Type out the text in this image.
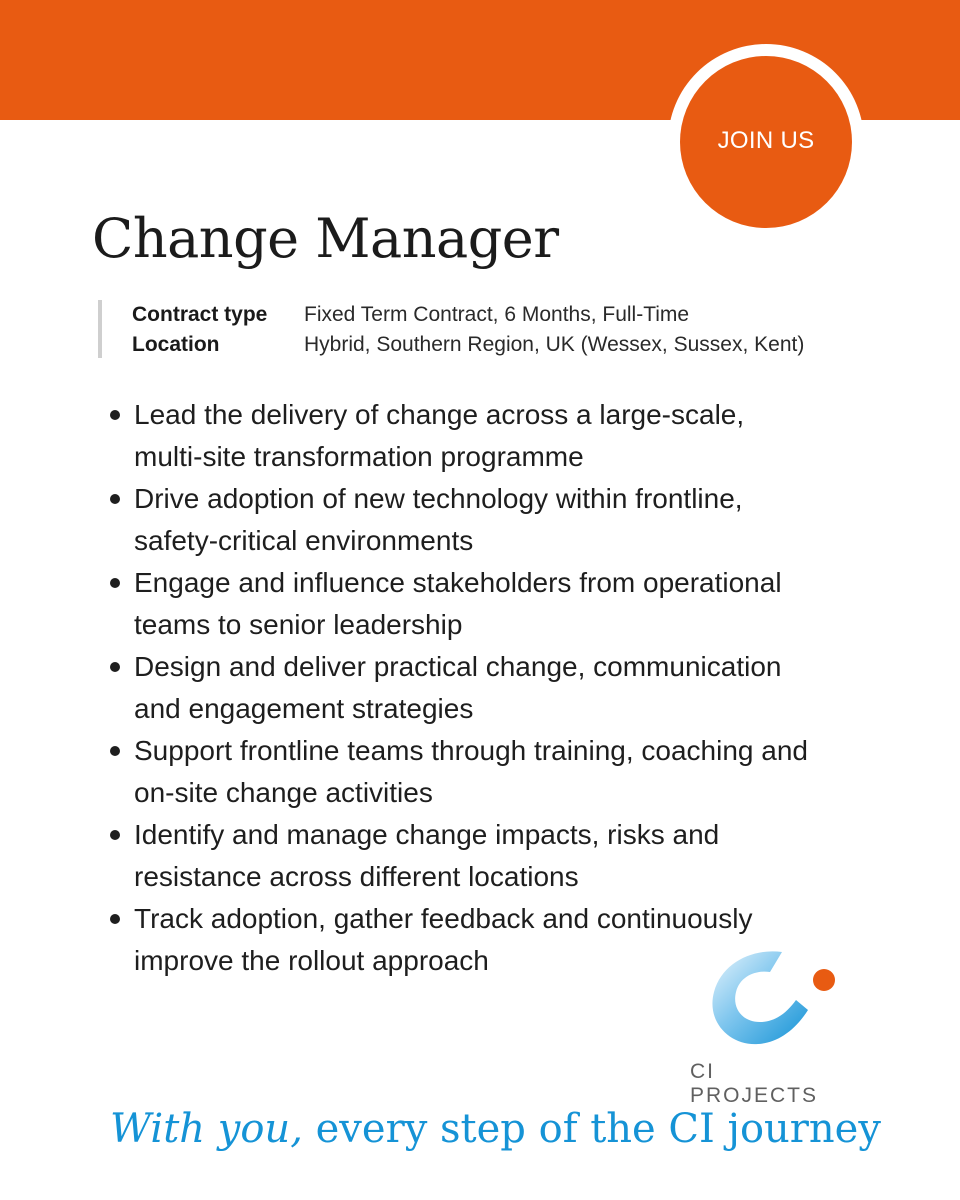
JOIN US
Change Manager
Contract type	Fixed Term Contract, 6 Months, Full-Time
Location	Hybrid, Southern Region, UK (Wessex, Sussex, Kent)
Lead the delivery of change across a large-scale,
multi-site transformation programme
Drive adoption of new technology within frontline,
safety-critical environments
Engage and influence stakeholders from operational
teams to senior leadership
Design and deliver practical change, communication
and engagement strategies
Support frontline teams through training, coaching and
on-site change activities
Identify and manage change impacts, risks and
resistance across different locations
Track adoption, gather feedback and continuously
improve the rollout approach
CI PROJECTS
With you, every step of the CI journey
